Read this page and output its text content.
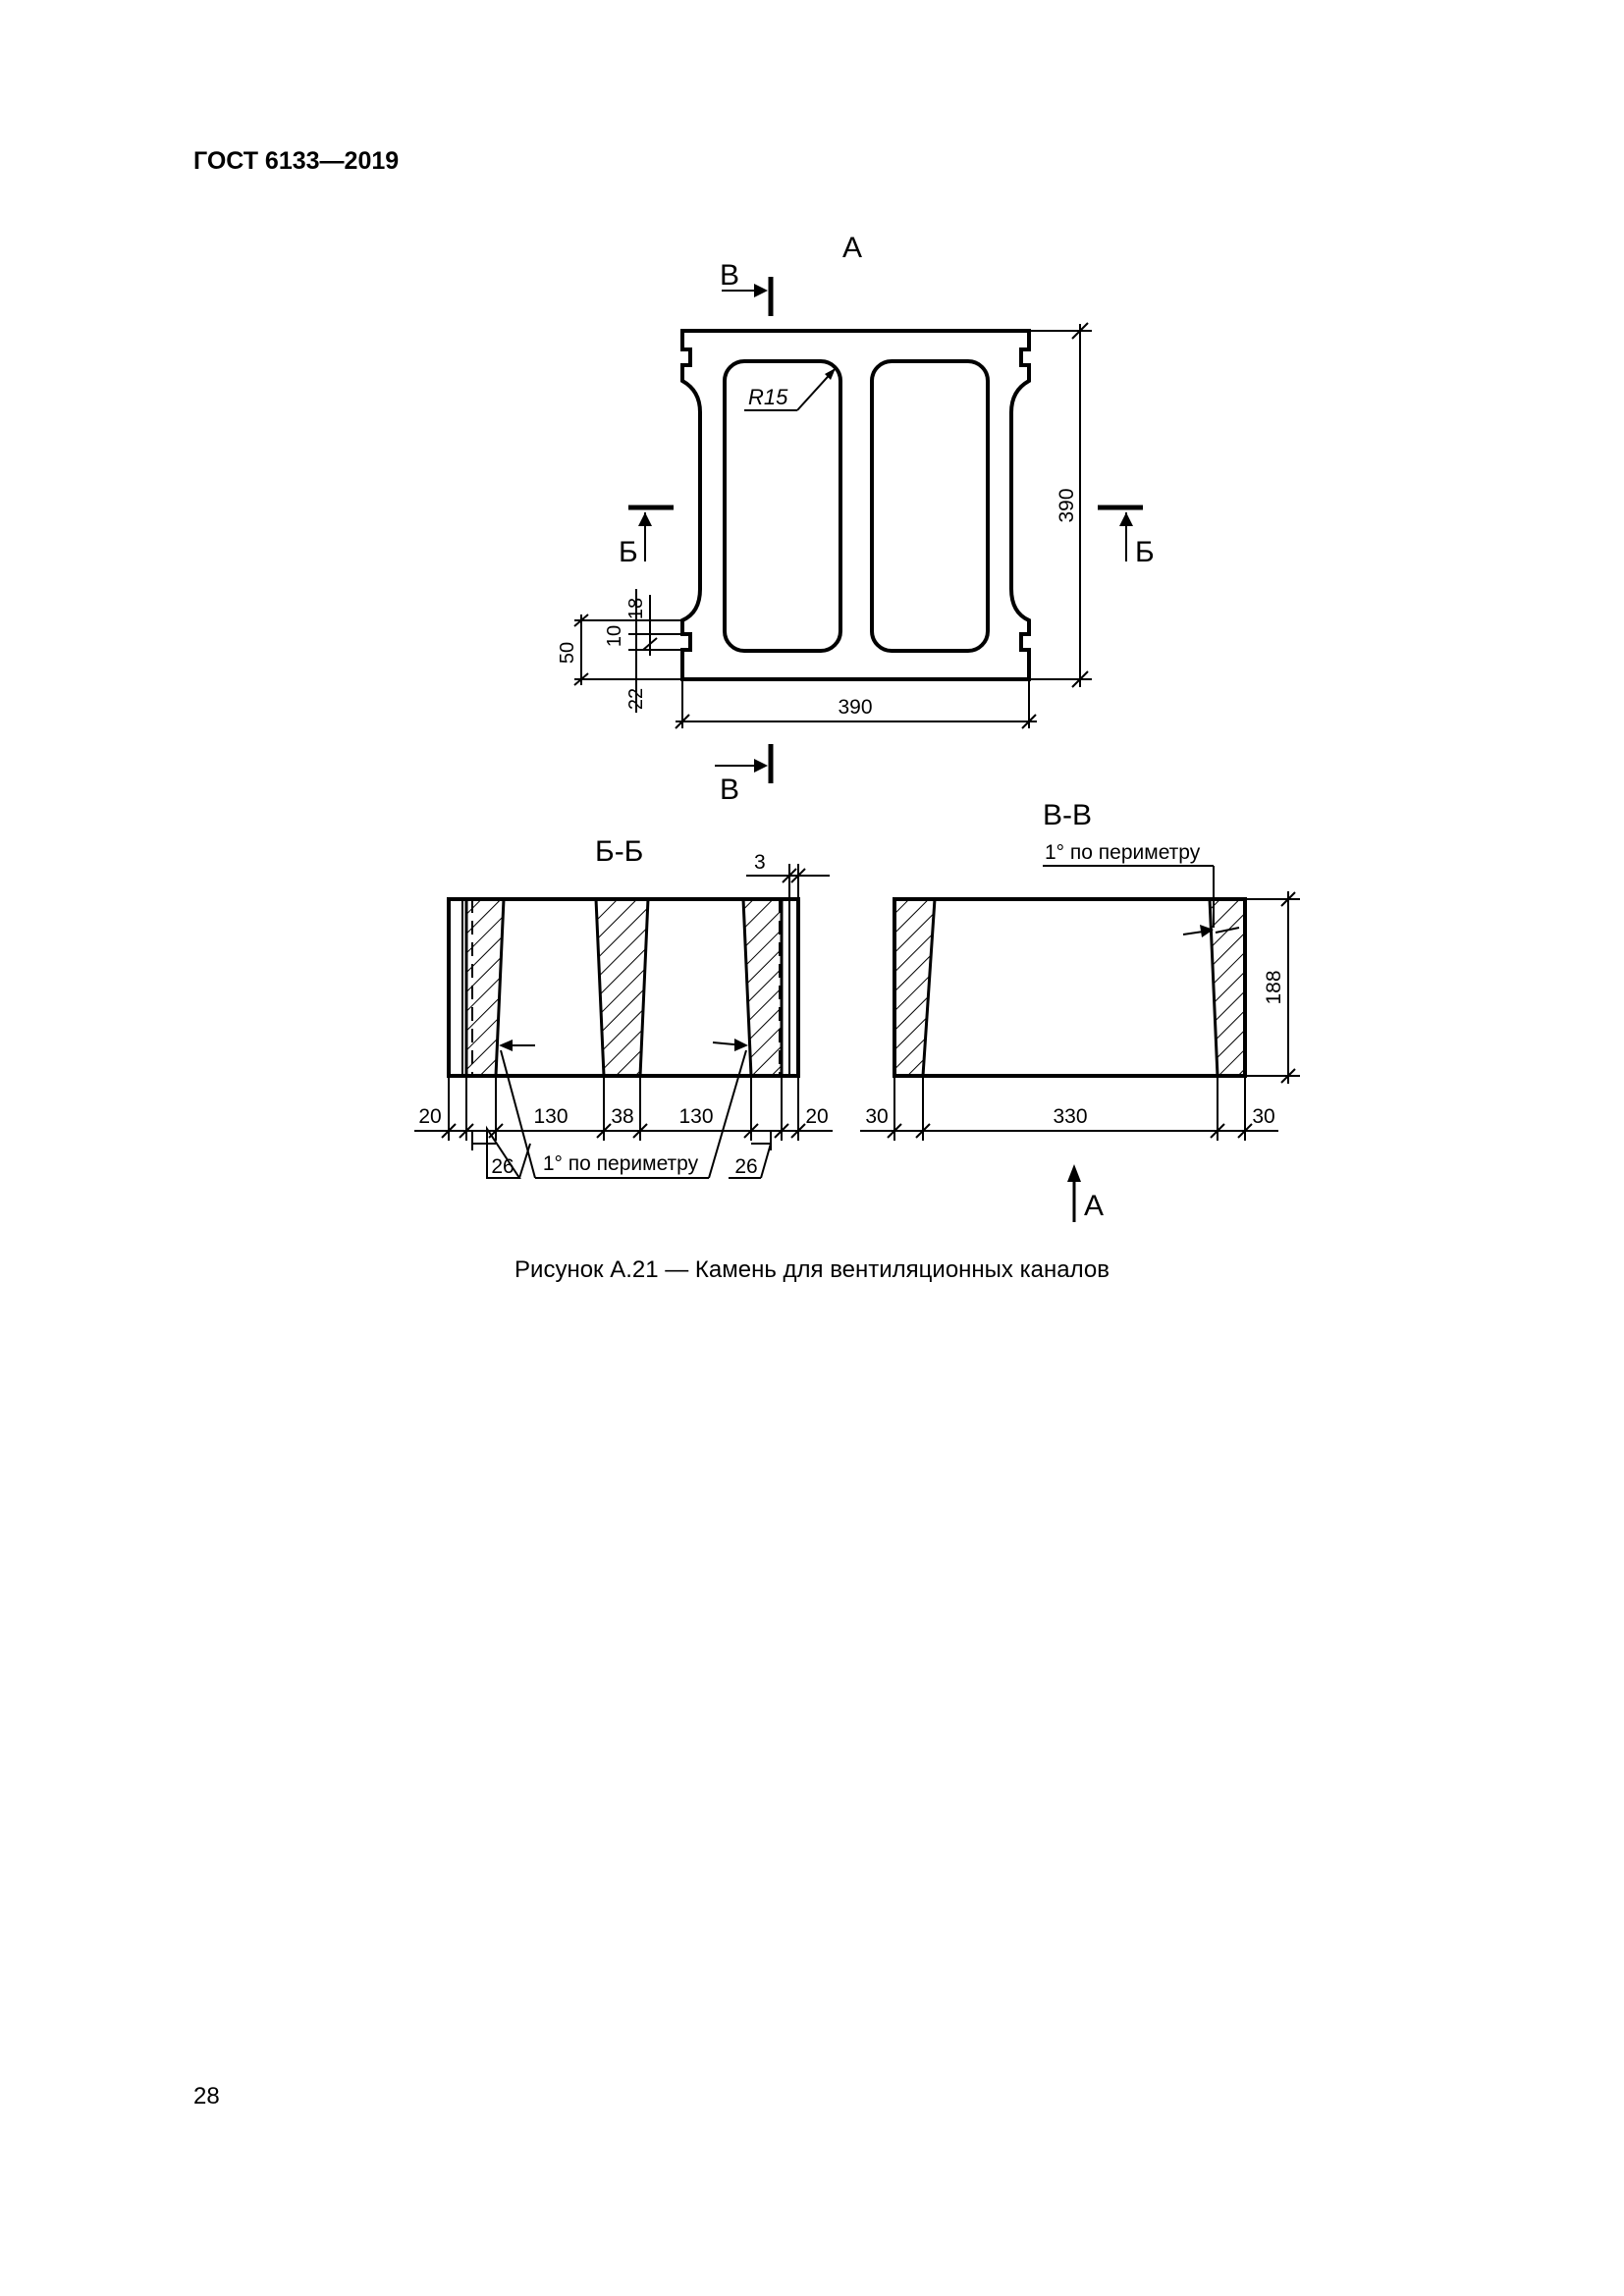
ГОСТ 6133—2019
А
R15
390
390
50
10
18
22
В
В
Б	Б
Б-Б	3
20	130 38 130	20
26	26
1° по периметру
В-В
1° по периметру
188
30	330	30
А
Рисунок А.21 — Камень для вентиляционных каналов
28
